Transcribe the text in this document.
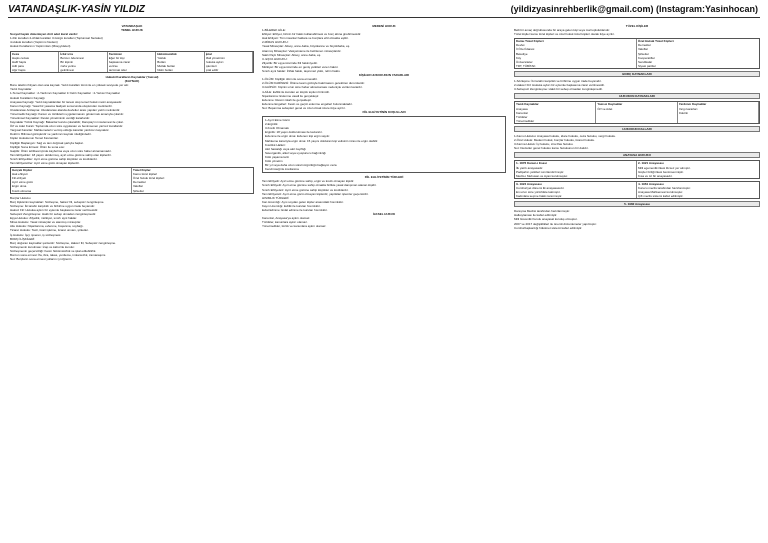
VATANDAŞLIK-YASİN YILDIZ	(yildizyasinrehberlik@gmail.com) (Instagram:Yasinhocan)
VATANDAŞLIK
TEMEL HUKUK
Sosyal hayatı düzenleyen dört adet kural vardır:
1-Din kuralları 2-Ahlak kuralları 3-Görgü kuralları (Toplumsal Nezaket)
4-Hukuk kuralları (Yaptırımı Nedeni)
Hukuk Kurallarının Yaptırımları (Müeyyideleri)
Ceza
Hapis cezası
Hafif hapis
Adli para
Ağır hapis
İcbir icra
Borcun ödenmesi
Bir kişinin
zorla yerine
getirilmesi
Tazminat
Eğer bir kişi
başkasına zarar
verirse
tazminat öder
Hükümsüzlük
Yokluk
Butlan
Mutlak butlan
Nisbi butlan
İptal
Mali yönetimin
hukuka aykırı
işlemleri
iptal edilir
Hukuki Kuralların Kaynaklar (Yazısal)
(KAYNAK)
Bunu talebin ihtiyacı olan ana kaynak. Yazılı kuralları tümü ile en yüksek seviyede yer alır.
Yazılı Kaynaklar
1-Temel Kaynaklar : 2-Yardımcı Kaynaklar 3-Yazılı Kaynaklar : 4-Yazısız Kaynaklar
Hukuki Kuralların Kaynağı
Anayasa Kaynağı: Yazılı kaynaklardan bir tanesi olup temel hukuk metni anayasadır.
Kanun Kaynağı: Yasal bir yasama faaliyeti sonucunda oluşturulan metinlerdir.
Uluslararası Antlaşma: Uluslararası alanda devletler arası yapılan yazılı metinlerdir.
Yönetmelik Kaynağı: Kanun ve tüzüklerin uygulanmasını göstermek amacıyla çıkarılır.
Yönetimsel Kaynaklar: Devlet yönetiminin verdiği kararlardır.
Kaynaklar Tüzük Kaynağı: Bakanlar kurulu çıkarabilir, Danıştay'ın incelemesi ile çıkar.
Örf ve Adet Kuralı: Toplumda uzun süre uygulanan ve benimsenen yazısız kurallardır.
Yargısal Kararlar: Mahkemelerin vermiş olduğu kararlar yardımcı kaynaktır.
Doktrin: Bilimsel görüşlerdir ve yardımcı kaynak niteliğindedir.
Kişiler Hukukunun Temel Kavramları
Kişiliğin Başlangıcı: Sağ ve tam doğmak şartıyla başlar.
Kişiliğin Sona Ermesi: Ölüm ile sona erer.
Gaiplik: Ölüm tehlikesi içinde kaybolma veya uzun süre haber alınamamadır.
Tam Ehliyetliler: 18 yaşını doldurmuş, ayırt etme gücüne sahip olan kişilerdir.
Sınırlı Ehliyetliler: Ayırt etme gücüne sahip küçükler ve kısıtlılardır.
Tam Ehliyetsizler: Ayırt etme gücü olmayan kişilerdir.
Gerçek Kişiler
Hak ehliyeti
Fiil ehliyeti
Ayırt etme gücü
Ergin olma
Kısıtlı olmama
Tüzel Kişiler
Kamu tüzel kişileri
Özel hukuk tüzel kişileri
Dernekler
Vakıflar
Şirketler
Borçlar Hukuku
Borç ilişkisinin kaynakları: Sözleşme, haksız fiil, sebepsiz zenginleşme.
Sözleşme: İki tarafın karşılıklı ve birbirine uygun irade beyanıdır.
Haksız Fiil: Hukuka aykırı bir eylemle başkasına zarar verilmesidir.
Sebepsiz Zenginleşme: Haklı bir sebep olmadan zenginleşmedir.
Eşya Hukuku: Zilyetlik, mülkiyet, sınırlı ayni haklar.
Miras Hukuku: Yasal mirasçılar ve atanmış mirasçılar.
Aile Hukuku: Nişanlanma, evlenme, boşanma, soybağı.
Ticaret Hukuku: Tacir, ticari işletme, ticaret unvanı, şirketler.
İş Hukuku: İşçi, işveren, iş sözleşmesi.
BORÇ İLİŞKİLERİ
Borç doğuran kaynaklar şunlardır: Sözleşme, Haksız fiil, Sebepsiz zenginleşme.
Sözleşmenin kurulması: İcap ve kabul ile kurulur.
Sözleşmenin geçersizliği: Kesin hükümsüzlük ve iptal edilebilirlik.
Borcun sona ermesi: İfa, ibra, takas, yenileme, imkansızlık, zamanaşımı.
Not: Borçların sona ermesi yollarını iyi öğrenin.
MEDENİ HUKUK
1-BİLEREK HİLE:
Ehliyet: Ehliyet, birinin bir hakkı kullanabilmesi ve borç altına girebilmesidir.
Hak Ehliyeti: Tüm insanlar haklara ve borçlara ehil olmakta eşittir.
2-MİRAS HUKUKU:
Yasal Mirasçılar: Altsoy, anne-baba, büyükanne ve büyükbaba, eş.
Atanmış Mirasçılar: Vasiyetname ile belirlenen mirasçılardır.
Saklı Paylı Mirasçılar: Altsoy, anne-baba, eş.
3- EŞYA HUKUKU:
Zilyetlik: Bir eşya üzerinde fiili hakimiyettir.
Mülkiyet: Bir eşya üzerinde en geniş yetkileri veren haktır.
Sınırlı ayni haklar: İrtifak hakkı, taşınmaz yükü, rehin hakkı.
KİŞİLER HUKUKUNUN YARARLARI
1-ÖLÜM: Kişiliğin ölüm ile sona ermesidir.
2-ÖLÜM KARİNESİ: Ölüme kesin gözüyle bakılmasını gerektiren durumlardır.
3-GAİPLİK: Kişinin uzun süre haber alınamaması nedeniyle verilen karardır.
4-AİLE: Evlilik ile kurulan en küçük toplum birimidir.
Nişanlanma: Evlenme vaadi ile gerçekleşir.
Evlenme: Resmi nikah ile gerçekleşir.
Evlenme Engelleri: Kesin ve geçici evlenme engelleri bulunmaktadır.
Not: Boşanma sebepleri genel ve özel olmak üzere ikiye ayrılır.
FİİL EHLİYETİNİN KOŞULLARI
1-Ayırt Etme Gücü
2-Erginlik
3-Kısıtlı Olmamak
Erginlik: 18 yaşın doldurulması ile kazanılır.
Evlenme ile ergin olma: Evlenen kişi ergin sayılır.
Mahkeme kararıyla ergin olma: 15 yaşını dolduran kişi velisinin rızası ile ergin olabilir.
Kısıtlılık Halleri:
Akıl hastalığı veya akıl zayıflığı
Savurganlık, alkol veya uyuşturucu bağımlılığı
Kötü yaşama tarzı
Kötü yönetim
Bir yıl veya daha uzun süreli özgürlüğü bağlayıcı ceza
Kendi isteği ile kısıtlanma
FİİL EHLİYETİNİN TÜRLERİ
Tam Ehliyetli: Ayırt etme gücüne sahip, ergin ve kısıtlı olmayan kişidir.
Sınırlı Ehliyetli: Ayırt etme gücüne sahip olmakla birlikte yasal danışman atanan kişidir.
Sınırlı Ehliyetsiz: Ayırt etme gücüne sahip küçükler ve kısıtlılardır.
Tam Ehliyetsiz: Ayırt etme gücü olmayan kişilerdir, yaptıkları işlemler geçersizdir.
HISIMLIK TÜRLERİ
Kan Hısımlığı: Aynı soydan gelen kişiler arasındaki hısımlıktır.
Kayın Hısımlığı: Evlilik ile kurulan hısımlıktır.
Evlat Edinme: Evlat edinme ile kurulan hısımlıktır.
İLKSEL HUKUK
Kanunlar, Anayasa'ya aykırı olamaz.
Tüzükler, kanunlara aykırı olamaz.
Yönetmelikler, tüzük ve kanunlara aykırı olamaz.
TÜZEL KİŞİLER
Belli bir amaç doğrultusunda bir araya gelen kişi veya mal topluluklarıdır.
Tüzel kişiler kamu tüzel kişileri ve özel hukuk tüzel kişileri olarak ikiye ayrılır.
Kamu Tüzel Kişileri
Devlet
İl Özel İdaresi
Belediye
Köy
Üniversiteler
TRT, TÜBİTAK
Özel Hukuk Tüzel Kişileri
Dernekler
Vakıflar
Şirketler
Kooperatifler
Sendikalar
Siyasi partiler
BORÇ KAYNAKLARI
1-Sözleşme: İki tarafın karşılıklı ve birbirine uygun irade beyanıdır.
2-Haksız Fiil: Hukuka aykırı bir eylemle başkasına zarar verilmesidir.
3-Sebepsiz Zenginleşme: Haklı bir sebep olmadan zenginleşmedir.
HUKUKUN KAYNAKLARI
Yazılı Kaynaklar
Anayasa
Kanunlar
Tüzükler
Yönetmelikler
Yazısız Kaynaklar
Örf ve Adet
Yardımcı Kaynaklar
Yargı kararları
Doktrin
HUKUKUN DALLARI
1-Kamu Hukuku: Anayasa hukuku, idare hukuku, ceza hukuku, vergi hukuku.
2-Özel Hukuk: Medeni hukuk, borçlar hukuku, ticaret hukuku.
3-Karma Hukuk: İş hukuku, icra iflas hukuku.
Not: Devletler genel hukuku kamu hukukunun bir dalıdır.
ANAYASA HUKUKU
1- 1876 Kanun-i Esasi
İlk yazılı anayasadır.
Padişahın yetkileri sınırlandırılmıştır.
Meclis-i Mebusan ve Ayan kurulmuştur.
2- 1921 Anayasası
Milli egemenlik ilkesi ilk kez yer almıştır.
Güçler birliği ilkesi benimsenmiştir.
Kısa ve öz bir anayasadır.
3- 1924 Anayasası
Cumhuriyet dönemi ilk anayasasıdır.
En uzun süre yürürlükte kalmıştır.
Kadınlara seçme hakkı tanınmıştır.
4- 1961 Anayasası
Kurucu meclis tarafından hazırlanmıştır.
Anayasa Mahkemesi kurulmuştur.
Çift meclis sistemi kabul edilmiştir.
5- 1982 Anayasası
Danışma Meclisi tarafından hazırlanmıştır.
Halkoylaması ile kabul edilmiştir.
Milli Güvenlik Kurulu anayasal kuruluş olmuştur.
2007 ve 2017 değişiklikleri ile önemli düzenlemeler yapılmıştır.
Cumhurbaşkanlığı hükümet sistemi kabul edilmiştir.
